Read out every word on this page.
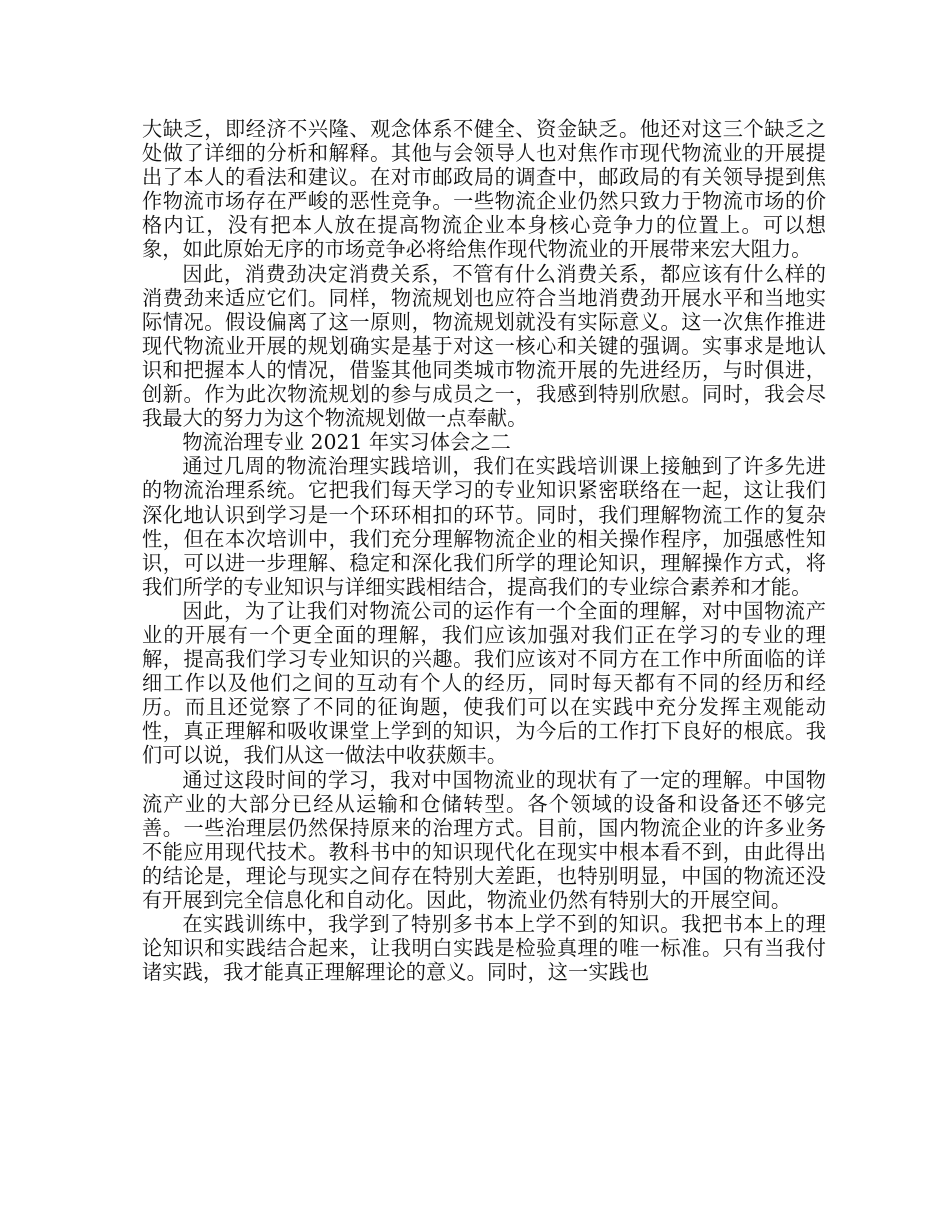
大缺乏，即经济不兴隆、观念体系不健全、资金缺乏。他还对这三个缺乏之处做了详细的分析和解释。其他与会领导人也对焦作市现代物流业的开展提出了本人的看法和建议。在对市邮政局的调查中，邮政局的有关领导提到焦作物流市场存在严峻的恶性竞争。一些物流企业仍然只致力于物流市场的价格内讧，没有把本人放在提高物流企业本身核心竞争力的位置上。可以想象，如此原始无序的市场竞争必将给焦作现代物流业的开展带来宏大阻力。

因此，消费劲决定消费关系，不管有什么消费关系，都应该有什么样的消费劲来适应它们。同样，物流规划也应符合当地消费劲开展水平和当地实际情况。假设偏离了这一原则，物流规划就没有实际意义。这一次焦作推进现代物流业开展的规划确实是基于对这一核心和关键的强调。实事求是地认识和把握本人的情况，借鉴其他同类城市物流开展的先进经历，与时俱进，创新。作为此次物流规划的参与成员之一，我感到特别欣慰。同时，我会尽我最大的努力为这个物流规划做一点奉献。

物流治理专业 2021 年实习体会之二

通过几周的物流治理实践培训，我们在实践培训课上接触到了许多先进的物流治理系统。它把我们每天学习的专业知识紧密联络在一起，这让我们深化地认识到学习是一个环环相扣的环节。同时，我们理解物流工作的复杂性，但在本次培训中，我们充分理解物流企业的相关操作程序，加强感性知识，可以进一步理解、稳定和深化我们所学的理论知识，理解操作方式，将我们所学的专业知识与详细实践相结合，提高我们的专业综合素养和才能。

因此，为了让我们对物流公司的运作有一个全面的理解，对中国物流产业的开展有一个更全面的理解，我们应该加强对我们正在学习的专业的理解，提高我们学习专业知识的兴趣。我们应该对不同方在工作中所面临的详细工作以及他们之间的互动有个人的经历，同时每天都有不同的经历和经历。而且还觉察了不同的征询题，使我们可以在实践中充分发挥主观能动性，真正理解和吸收课堂上学到的知识，为今后的工作打下良好的根底。我们可以说，我们从这一做法中收获颇丰。

通过这段时间的学习，我对中国物流业的现状有了一定的理解。中国物流产业的大部分已经从运输和仓储转型。各个领域的设备和设备还不够完善。一些治理层仍然保持原来的治理方式。目前，国内物流企业的许多业务不能应用现代技术。教科书中的知识现代化在现实中根本看不到，由此得出的结论是，理论与现实之间存在特别大差距，也特别明显，中国的物流还没有开展到完全信息化和自动化。因此，物流业仍然有特别大的开展空间。

在实践训练中，我学到了特别多书本上学不到的知识。我把书本上的理论知识和实践结合起来，让我明白实践是检验真理的唯一标准。只有当我付诸实践，我才能真正理解理论的意义。同时，这一实践也
